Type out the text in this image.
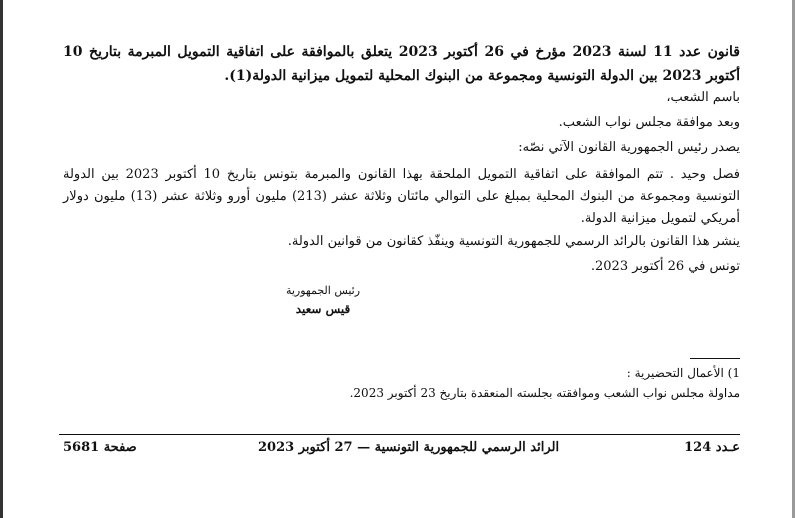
قانون عدد 11 لسنة 2023 مؤرخ في 26 أكتوبر 2023 يتعلق بالموافقة على اتفاقية التمويل المبرمة بتاريخ 10 أكتوبر 2023 بين الدولة التونسية ومجموعة من البنوك المحلية لتمويل ميزانية الدولة(1).
باسم الشعب،
وبعد موافقة مجلس نواب الشعب.
يصدر رئيس الجمهورية القانون الآتي نصّه:
فصل وحيد . تتم الموافقة على اتفاقية التمويل الملحقة بهذا القانون والمبرمة بتونس بتاريخ 10 أكتوبر 2023 بين الدولة التونسية ومجموعة من البنوك المحلية بمبلغ على التوالي مائتان وثلاثة عشر (213) مليون أورو وثلاثة عشر (13) مليون دولار أمريكي لتمويل ميزانية الدولة.
ينشر هذا القانون بالرائد الرسمي للجمهورية التونسية وينفّذ كقانون من قوانين الدولة.
تونس في 26 أكتوبر 2023.
رئيس الجمهورية
قيس سعيد
1) الأعمال التحضيرية :
مداولة مجلس نواب الشعب وموافقته بجلسته المنعقدة بتاريخ 23 أكتوبر 2023.
عـدد 124
الرائد الرسمي للجمهورية التونسية — 27 أكتوبر 2023
صفحة 5681
